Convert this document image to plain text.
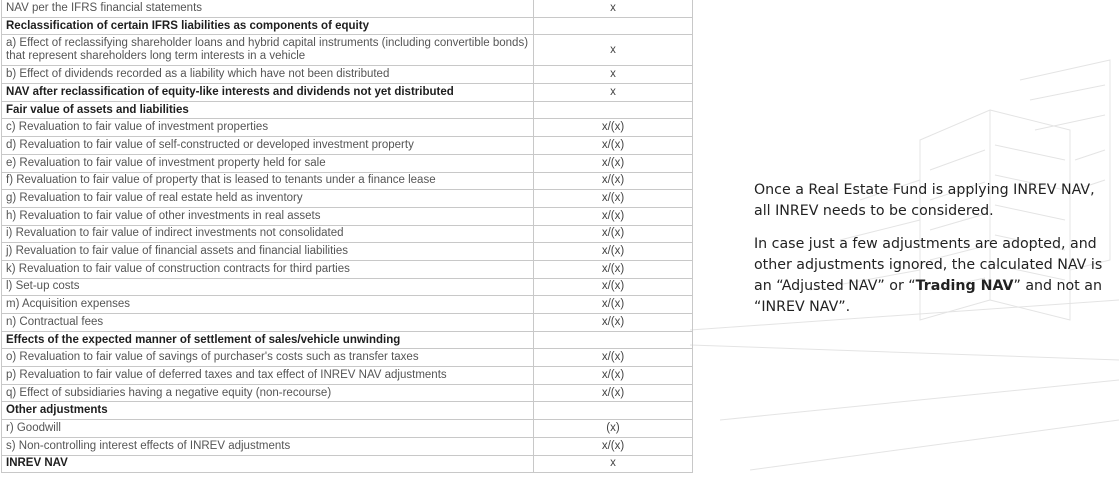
NAV per the IFRS financial statements	x
Reclassification of certain IFRS liabilities as components of equity	
a) Effect of reclassifying shareholder loans and hybrid capital instruments (including convertible bonds) that represent shareholders long term interests in a vehicle	x
b) Effect of dividends recorded as a liability which have not been distributed	x
NAV after reclassification of equity-like interests and dividends not yet distributed	x
Fair value of assets and liabilities	
c) Revaluation to fair value of investment properties	x/(x)
d) Revaluation to fair value of self-constructed or developed investment property	x/(x)
e) Revaluation to fair value of investment property held for sale	x/(x)
f) Revaluation to fair value of property that is leased to tenants under a finance lease	x/(x)
g) Revaluation to fair value of real estate held as inventory	x/(x)
h) Revaluation to fair value of other investments in real assets	x/(x)
i) Revaluation to fair value of indirect investments not consolidated	x/(x)
j) Revaluation to fair value of financial assets and financial liabilities	x/(x)
k) Revaluation to fair value of construction contracts for third parties	x/(x)
l) Set-up costs	x/(x)
m) Acquisition expenses	x/(x)
n) Contractual fees	x/(x)
Effects of the expected manner of settlement of sales/vehicle unwinding	
o) Revaluation to fair value of savings of purchaser's costs such as transfer taxes	x/(x)
p) Revaluation to fair value of deferred taxes and tax effect of INREV NAV adjustments	x/(x)
q) Effect of subsidiaries having a negative equity (non-recourse)	x/(x)
Other adjustments	
r) Goodwill	(x)
s) Non-controlling interest effects of INREV adjustments	x/(x)
INREV NAV	x

Once a Real Estate Fund is applying INREV NAV, all INREV needs to be considered.

In case just a few adjustments are adopted, and other adjustments ignored, the calculated NAV is an “Adjusted NAV” or “Trading NAV” and not an “INREV NAV”.
